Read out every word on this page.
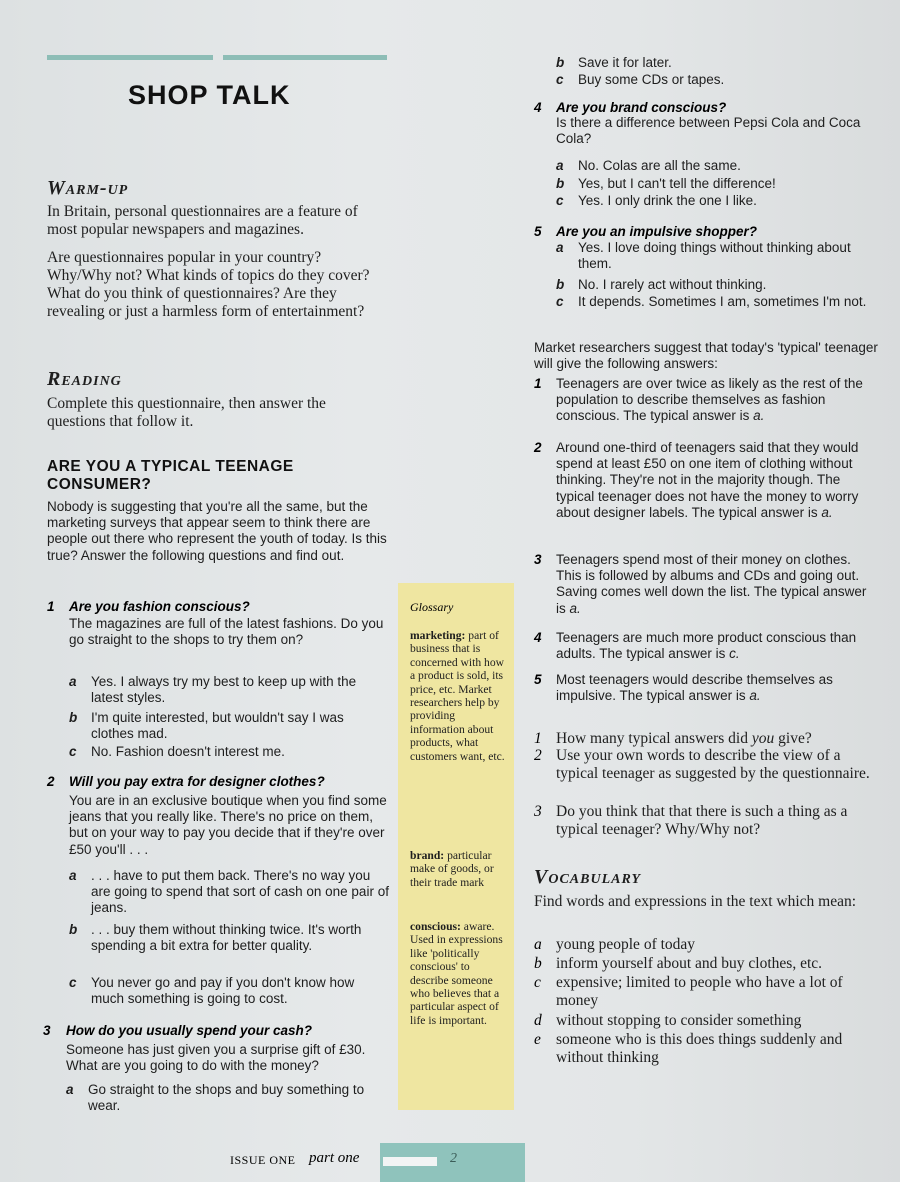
SHOP TALK
Warm-up

In Britain, personal questionnaires are a feature of most popular newspapers and magazines.

Are questionnaires popular in your country? Why/Why not? What kinds of topics do they cover? What do you think of questionnaires? Are they revealing or just a harmless form of entertainment?

Reading

Complete this questionnaire, then answer the questions that follow it.

ARE YOU A TYPICAL TEENAGE CONSUMER?

Nobody is suggesting that you're all the same, but the marketing surveys that appear seem to think there are people out there who represent the youth of today. Is this true? Answer the following questions and find out.

1 Are you fashion conscious?
The magazines are full of the latest fashions. Do you go straight to the shops to try them on?
a Yes. I always try my best to keep up with the latest styles.
b I'm quite interested, but wouldn't say I was clothes mad.
c No. Fashion doesn't interest me.
2 Will you pay extra for designer clothes?
You are in an exclusive boutique when you find some jeans that you really like. There's no price on them, but on your way to pay you decide that if they're over £50 you'll . . .
a . . . have to put them back. There's no way you are going to spend that sort of cash on one pair of jeans.
b . . . buy them without thinking twice. It's worth spending a bit extra for better quality.
c You never go and pay if you don't know how much something is going to cost.
3 How do you usually spend your cash?
Someone has just given you a surprise gift of £30. What are you going to do with the money?
a Go straight to the shops and buy something to wear.
Glossary
marketing: part of business that is concerned with how a product is sold, its price, etc. Market researchers help by providing information about products, what customers want, etc.
brand: particular make of goods, or their trade mark
conscious: aware. Used in expressions like 'politically conscious' to describe someone who believes that a particular aspect of life is important.
b Save it for later.
c Buy some CDs or tapes.
4 Are you brand conscious?
Is there a difference between Pepsi Cola and Coca Cola?
a No. Colas are all the same.
b Yes, but I can't tell the difference!
c Yes. I only drink the one I like.
5 Are you an impulsive shopper?
a Yes. I love doing things without thinking about them.
b No. I rarely act without thinking.
c It depends. Sometimes I am, sometimes I'm not.

Market researchers suggest that today's 'typical' teenager will give the following answers:

1 Teenagers are over twice as likely as the rest of the population to describe themselves as fashion conscious. The typical answer is a.
2 Around one-third of teenagers said that they would spend at least £50 on one item of clothing without thinking. They're not in the majority though. The typical teenager does not have the money to worry about designer labels. The typical answer is a.
3 Teenagers spend most of their money on clothes. This is followed by albums and CDs and going out. Saving comes well down the list. The typical answer is a.
4 Teenagers are much more product conscious than adults. The typical answer is c.
5 Most teenagers would describe themselves as impulsive. The typical answer is a.
1 How many typical answers did you give?
2 Use your own words to describe the view of a typical teenager as suggested by the questionnaire.
3 Do you think that that there is such a thing as a typical teenager? Why/Why not?
Vocabulary

Find words and expressions in the text which mean:

a young people of today
b inform yourself about and buy clothes, etc.
c expensive; limited to people who have a lot of money
d without stopping to consider something
e someone who is this does things suddenly and without thinking
ISSUE ONE part one	2
